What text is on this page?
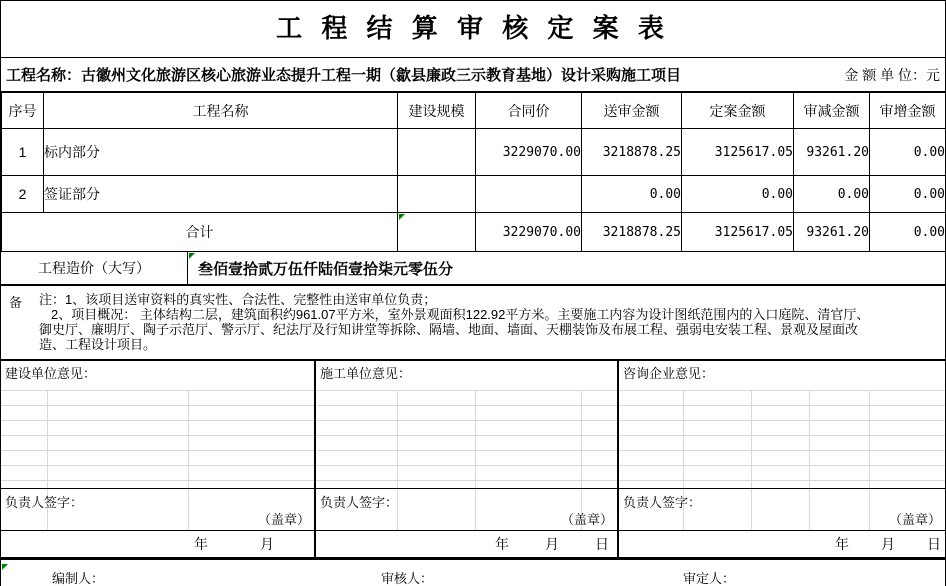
工 程 结 算 审 核 定 案 表
工程名称：古徽州文化旅游区核心旅游业态提升工程一期（歙县廉政三示教育基地）设计采购施工项目	金 额 单 位：元
序号	工程名称	建设规模	合同价	送审金额	定案金额	审减金额	审增金额
1	标内部分		3229070.00	3218878.25	3125617.05	93261.20	0.00
2	签证部分			0.00	0.00	0.00	0.00
合计			3229070.00	3218878.25	3125617.05	93261.20	0.00
工程造价（大写）	叁佰壹拾贰万伍仟陆佰壹拾柒元零伍分
备 注：1、该项目送审资料的真实性、合法性、完整性由送审单位负责；
2、项目概况： 主体结构二层，建筑面积约961.07平方米，室外景观面积122.92平方米。主要施工内容为设计图纸范围内的入口庭院、清官厅、
御史厅、廉明厅、陶子示范厅、警示厅、纪法厅及行知讲堂等拆除、隔墙、地面、墙面、天棚装饰及布展工程、强弱电安装工程、景观及屋面改
造、工程设计项目。
建设单位意见：
负责人签字：
（盖章）
年	月
施工单位意见：
负责人签字：
（盖章）
年	月	日
咨询企业意见：
负责人签字：
（盖章）
年 月 日
编制人：	审核人：	审定人：
